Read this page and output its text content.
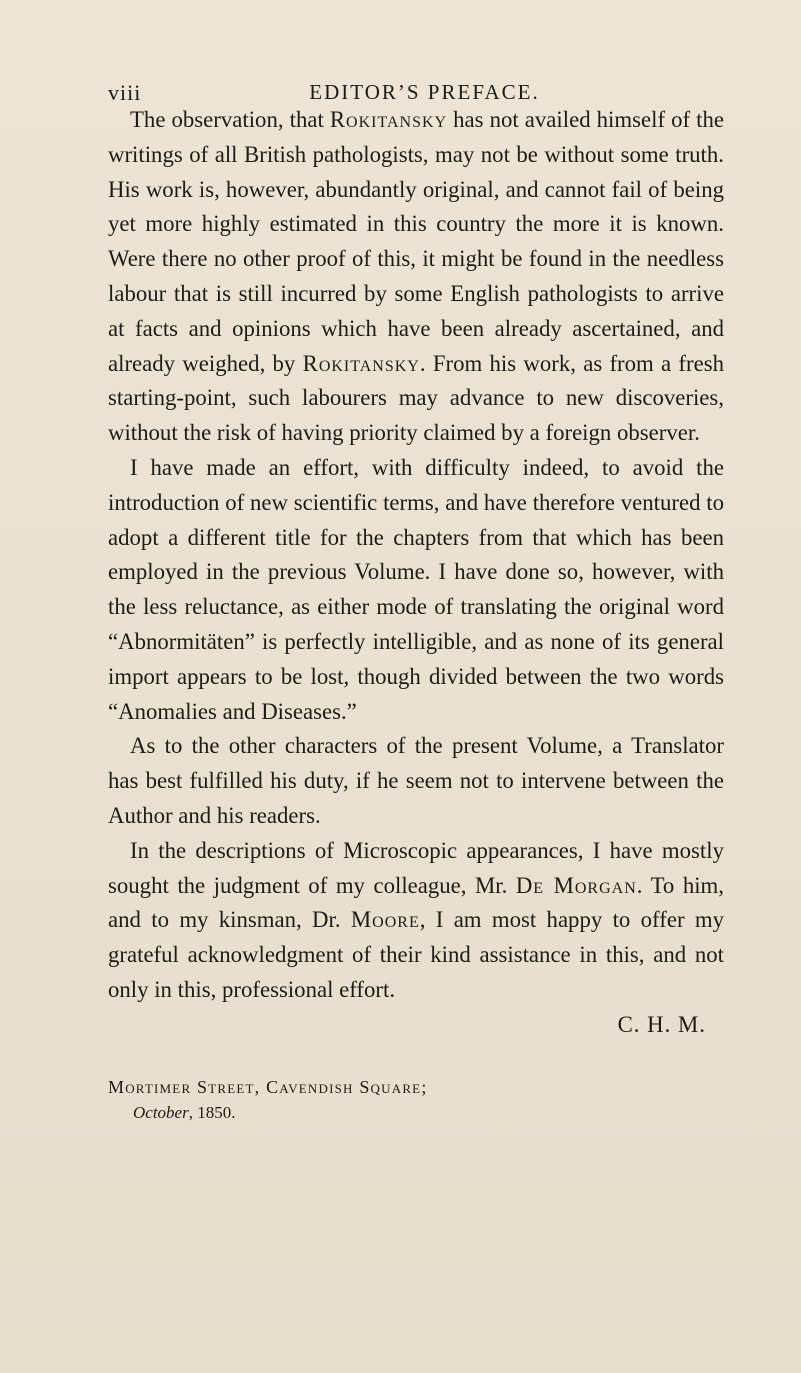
viii	EDITOR’S PREFACE.

The observation, that Rokitansky has not availed himself of the writings of all British pathologists, may not be without some truth. His work is, however, abundantly original, and cannot fail of being yet more highly estimated in this country the more it is known. Were there no other proof of this, it might be found in the needless labour that is still incurred by some English pathologists to arrive at facts and opinions which have been already ascertained, and already weighed, by Rokitansky. From his work, as from a fresh starting-point, such labourers may advance to new discoveries, without the risk of having priority claimed by a foreign observer.

I have made an effort, with difficulty indeed, to avoid the introduction of new scientific terms, and have therefore ventured to adopt a different title for the chapters from that which has been employed in the previous Volume. I have done so, however, with the less reluctance, as either mode of translating the original word “Abnormitäten” is perfectly intelligible, and as none of its general import appears to be lost, though divided between the two words “Anomalies and Diseases.”

As to the other characters of the present Volume, a Translator has best fulfilled his duty, if he seem not to intervene between the Author and his readers.

In the descriptions of Microscopic appearances, I have mostly sought the judgment of my colleague, Mr. De Morgan. To him, and to my kinsman, Dr. Moore, I am most happy to offer my grateful acknowledgment of their kind assistance in this, and not only in this, professional effort.

C. H. M.

Mortimer Street, Cavendish Square;
October, 1850.
